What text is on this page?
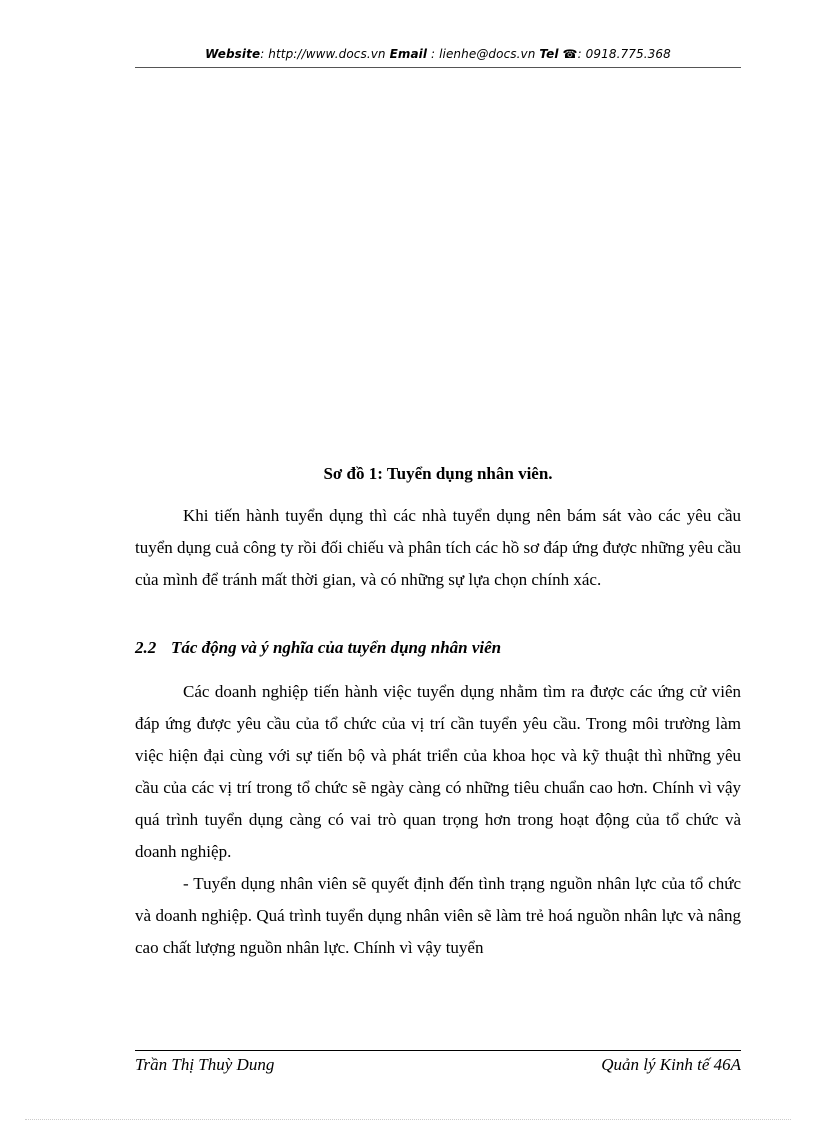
Website: http://www.docs.vn Email : lienhe@docs.vn Tel ☎: 0918.775.368
Sơ đồ 1: Tuyển dụng nhân viên.

Khi tiến hành tuyển dụng thì các nhà tuyển dụng nên bám sát vào các yêu cầu tuyển dụng cuả công ty rồi đối chiếu và phân tích các hồ sơ đáp ứng được những yêu cầu của mình để tránh mất thời gian, và có những sự lựa chọn chính xác.

2.2 Tác động và ý nghĩa của tuyển dụng nhân viên

Các doanh nghiệp tiến hành việc tuyển dụng nhằm tìm ra được các ứng cử viên đáp ứng được yêu cầu của tổ chức của vị trí cần tuyển yêu cầu. Trong môi trường làm việc hiện đại cùng với sự tiến bộ và phát triển của khoa học và kỹ thuật thì những yêu cầu của các vị trí trong tổ chức sẽ ngày càng có những tiêu chuẩn cao hơn. Chính vì vậy quá trình tuyển dụng càng có vai trò quan trọng hơn trong hoạt động của tổ chức và doanh nghiệp.

- Tuyển dụng nhân viên sẽ quyết định đến tình trạng nguồn nhân lực của tổ chức và doanh nghiệp. Quá trình tuyển dụng nhân viên sẽ làm trẻ hoá nguồn nhân lực và nâng cao chất lượng nguồn nhân lực. Chính vì vậy tuyển

Trần Thị Thuỳ Dung	Quản lý Kinh tế 46A
